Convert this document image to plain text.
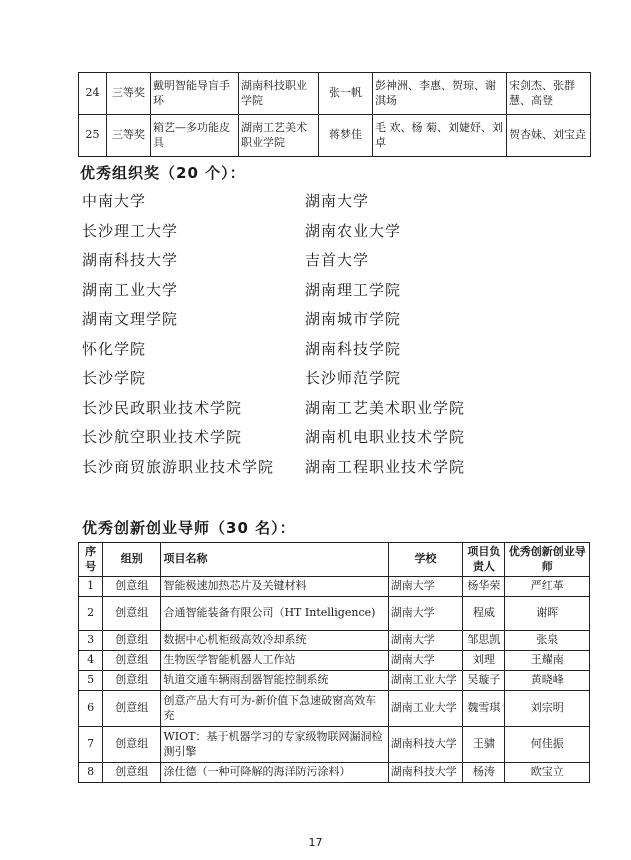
24	三等奖	戴明智能导盲手环	湖南科技职业学院	张一帆	彭神洲、李惠、贺琼、谢淇场	宋剑杰、张群慧、高登
25	三等奖	箱艺—多功能皮具	湖南工艺美术职业学院	蒋梦佳	毛 欢、杨 菊、刘婕妤、刘 卓	贺杏妹、刘宝垚
优秀组织奖（20 个）：
中南大学
长沙理工大学
湖南科技大学
湖南工业大学
湖南文理学院
怀化学院
长沙学院
长沙民政职业技术学院
长沙航空职业技术学院
长沙商贸旅游职业技术学院
湖南大学
湖南农业大学
吉首大学
湖南理工学院
湖南城市学院
湖南科技学院
长沙师范学院
湖南工艺美术职业学院
湖南机电职业技术学院
湖南工程职业技术学院
优秀创新创业导师（30 名）：
序号	组别	项目名称	学校	项目负责人	优秀创新创业导师
1	创意组	智能极速加热芯片及关键材料	湖南大学	杨华荣	严红革
2	创意组	合通智能装备有限公司（HT Intelligence)	湖南大学	程威	谢晖
3	创意组	数据中心机柜级高效冷却系统	湖南大学	邹思凯	张泉
4	创意组	生物医学智能机器人工作站	湖南大学	刘理	王耀南
5	创意组	轨道交通车辆雨刮器智能控制系统	湖南工业大学	吴璇子	黄晓峰
6	创意组	创意产品大有可为-新价值下急速破窗高效车充	湖南工业大学	魏雪琪	刘宗明
7	创意组	WIOT：基于机器学习的专家级物联网漏洞检测引擎	湖南科技大学	王骕	何佳振
8	创意组	涂仕德（一种可降解的海洋防污涂料）	湖南科技大学	杨涛	欧宝立
17
